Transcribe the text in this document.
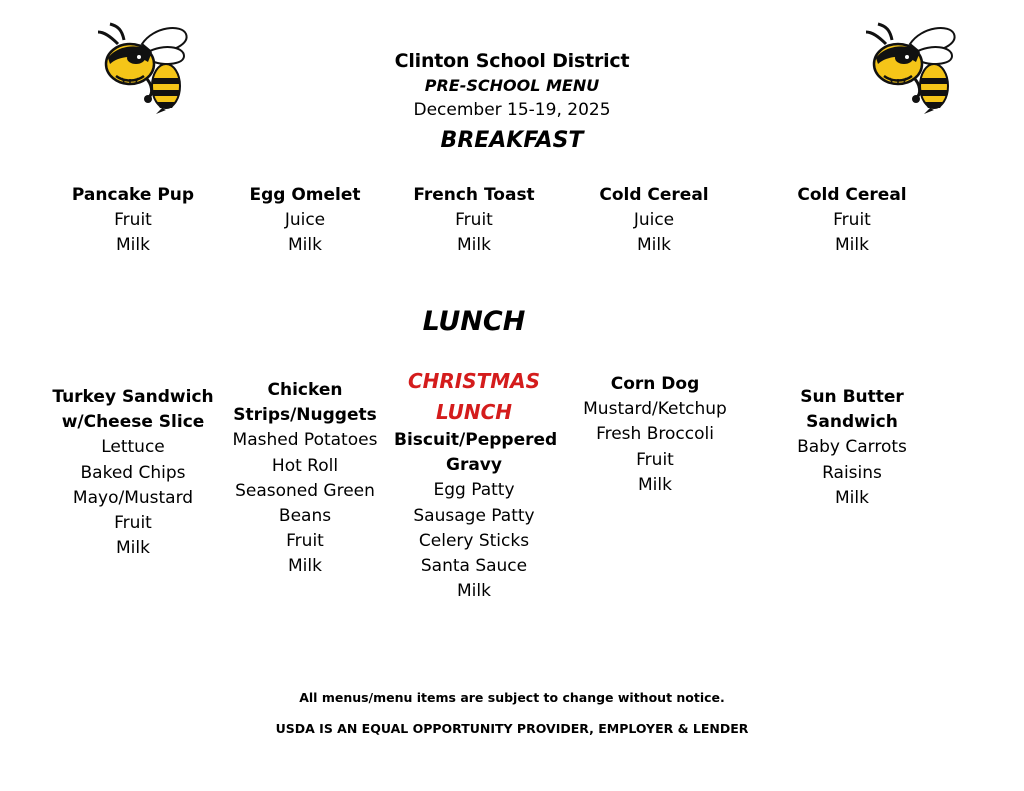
Clinton School District
PRE-SCHOOL MENU
December 15-19, 2025
BREAKFAST
Pancake Pup
Fruit
Milk
Egg Omelet
Juice
Milk
French Toast
Fruit
Milk
Cold Cereal
Juice
Milk
Cold Cereal
Fruit
Milk
LUNCH
Turkey Sandwich
w/Cheese Slice
Lettuce
Baked Chips
Mayo/Mustard
Fruit
Milk
Chicken
Strips/Nuggets
Mashed Potatoes
Hot Roll
Seasoned Green
Beans
Fruit
Milk
CHRISTMAS
LUNCH
Biscuit/Peppered
Gravy
Egg Patty
Sausage Patty
Celery Sticks
Santa Sauce
Milk
Corn Dog
Mustard/Ketchup
Fresh Broccoli
Fruit
Milk
Sun Butter Sandwich
Baby Carrots
Raisins
Milk
All menus/menu items are subject to change without notice.
USDA IS AN EQUAL OPPORTUNITY PROVIDER, EMPLOYER & LENDER
